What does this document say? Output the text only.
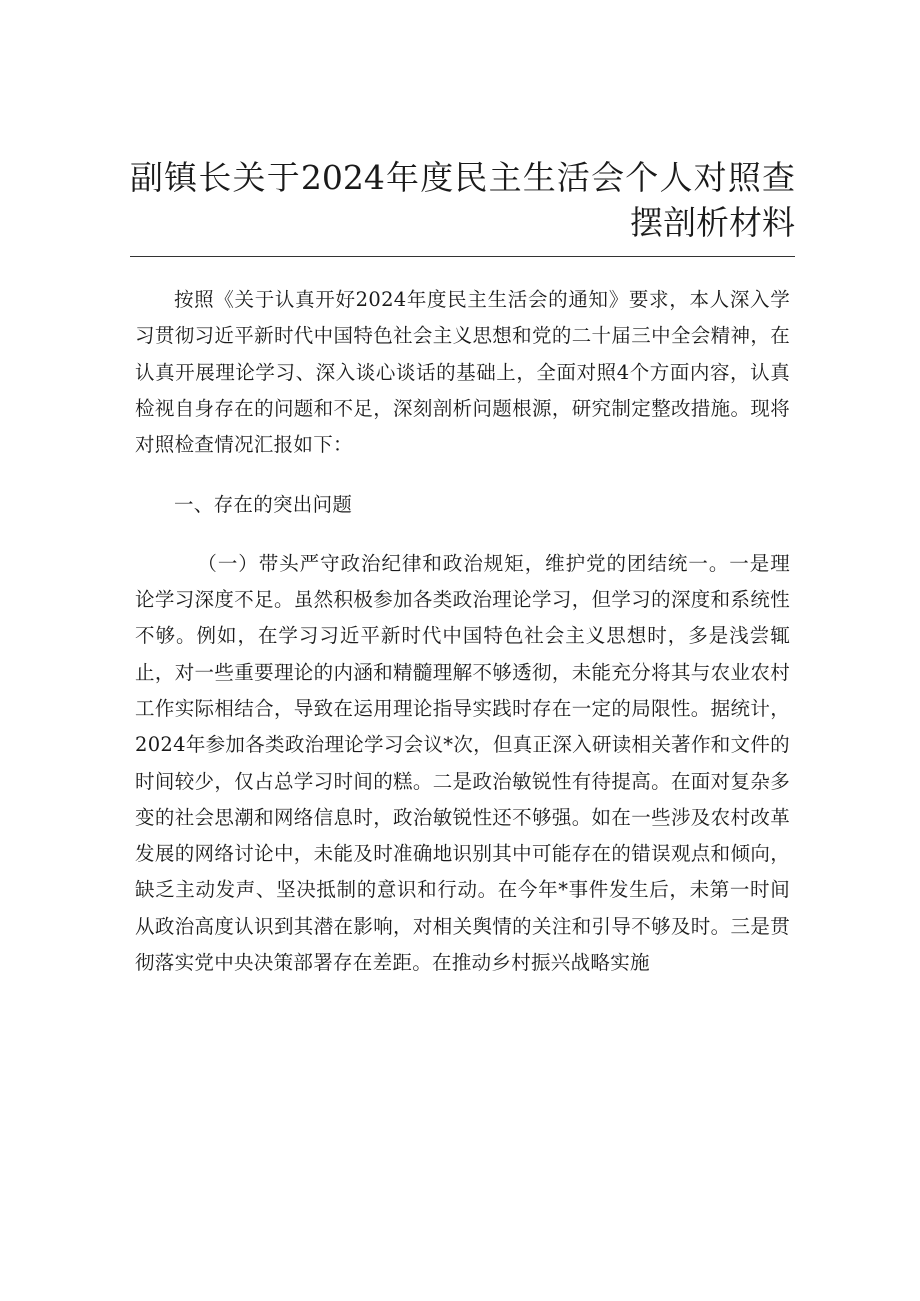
副镇长关于2024年度民主生活会个人对照查摆剖析材料

按照《关于认真开好2024年度民主生活会的通知》要求，本人深入学习贯彻习近平新时代中国特色社会主义思想和党的二十届三中全会精神，在认真开展理论学习、深入谈心谈话的基础上，全面对照4个方面内容，认真检视自身存在的问题和不足，深刻剖析问题根源，研究制定整改措施。现将对照检查情况汇报如下：

一、存在的突出问题

（一）带头严守政治纪律和政治规矩，维护党的团结统一。一是理论学习深度不足。虽然积极参加各类政治理论学习，但学习的深度和系统性不够。例如，在学习习近平新时代中国特色社会主义思想时，多是浅尝辄止，对一些重要理论的内涵和精髓理解不够透彻，未能充分将其与农业农村工作实际相结合，导致在运用理论指导实践时存在一定的局限性。据统计，2024年参加各类政治理论学习会议*次，但真正深入研读相关著作和文件的时间较少，仅占总学习时间的糕。二是政治敏锐性有待提高。在面对复杂多变的社会思潮和网络信息时，政治敏锐性还不够强。如在一些涉及农村改革发展的网络讨论中，未能及时准确地识别其中可能存在的错误观点和倾向，缺乏主动发声、坚决抵制的意识和行动。在今年*事件发生后，未第一时间从政治高度认识到其潜在影响，对相关舆情的关注和引导不够及时。三是贯彻落实党中央决策部署存在差距。在推动乡村振兴战略实施
